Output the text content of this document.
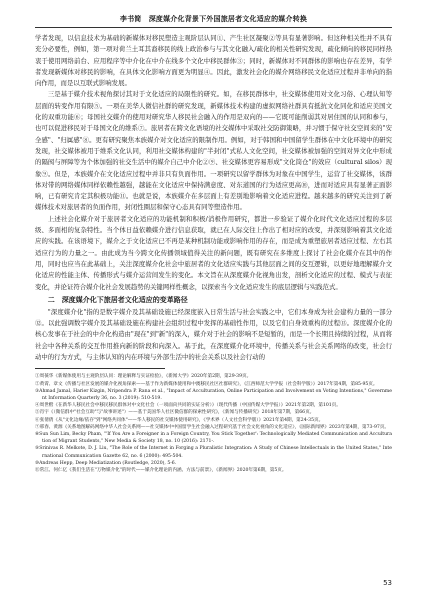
李书简　深度媒介化背景下外国旅居者文化适应的媒介转换

学者发现，以信息技术为基础的新媒体对移民塑造主观阶层认同①、产生社区凝聚②等具有显著影响。但这种相关性并不具有充分必要性，例如，第一项对荷兰土耳其裔移民的线上政治参与与其文化融入/疏化的相关性研究发现，疏化倾向的移民同样热衷于使用网络前台、应用程序等中介化在中介在线多个文化中移民群体③；同时，新媒体对不同群体的影响也存在差异，有学者发现新媒体对移民的影响，在具体文化影响方面更为明显④。因此，激发社会化的媒介网络移民文化适应过程并非单向的指向作用，而是以互联式影响发展。

三是基于媒介技术视角探讨其对于文化适应的局限性的研究。如，在移民群体中，社交媒体使用对文化习俗、心理认知等层面的转变作用有限⑤。一项在美华人微信社群的研究发现，新媒体技术构建的虚拟网络社群具有抵抗文化同化和适应美国文化的双重功能⑥；母国社交媒介的使用对研究华人移民社会融入的作用是双向的——它既可能削弱其对居住国的认同和参与，也可以促进移民对于母国文化的维系⑦。旅居者在跨文化语境的社交媒体中采取社交防御策略，并习惯于保守社交空间来的"安全感"、"归属感"⑧。更有研究聚焦本族媒介对文化适应的限制作用。例如，对于韩国和中国留学生群体在中文化环境中的研究发现，社交媒体被用于维系文化认同，利用社交媒体构建的"半封闭"式私人文化空间，社交媒体被加强的空间对异文化中形成的隔阂与屏障等为个体加强的社交生活中的媒介自己中介化②⑨、社交媒体更容易形成"文化筒仓"的效应（cultural silos）现象⑨。但是，本族媒介在文化适应过程中并非只有负面作用。一项研究以留学群体为对象在中国学生，运营了社交媒体，该群体对带的网络媒体同样依赖性越强，越能在文化适应中保持满意度、对东道国的行为适应更高⑩，进而对适应具有显著正面影响，已有研究肯定其积极功能⑪。也就是说，本族媒介在多层面上有差别地影响着文化适应进程。越来越多的研究关注到了新媒体技术对旅居者的负面作用，封闭性圈层和保守心态具有同等塑造作用。

上述社会化媒介对于旅居者文化适应的功能机制和积极/消极作用研究，都进一步验证了媒介化时代文化适应过程的多层级、多面相的复杂特性。当个体日益依赖媒介进行信息获取，就已在人际交往上作出了相对应的改变，并深刻影响着其文化适应的实践。在该语境下，媒介之于文化适应已不再是某种机制功能或影响作用的存在，而是成为重塑旅居者适应过程、左右其适应行为的力量之一。由此成为当今跨文化传播领域值得关注的新问题，既有研究在多维度上探讨了社会化媒介在其中的作用，同时也应当在此基础上，关注深度媒介化社会中旅居者的文化适应实践与其他层面之间的交互逻辑，以更好地理解媒介文化适应的性能主体、传播形式与媒介运营间发生的变化。本文旨在从深度媒介化视角出发，剖析文化适应的过程、模式与表征变化，并论证符合媒介化社会发展趋势的关键网样性概念，以探索当今文化适应发生的底层逻辑与实践范式。

二　深度媒介化下旅居者文化适应的变革路径

"深度媒介化"指的是数字媒介及其基础设施已经深度嵌入日常生活与社会实践之中，它们本身成为社会建构力量的一部分⑫。以此强调数字媒介及其基础设施在构建社会组织过程中发挥的基础性作用，以及它们自身效重构的过程⑬。深度媒介化的核心发事在于社会的中介化构造由"现在"到"新"的深入，媒介对于社会的影响不是短暂的，而是一个长期且持续的过程，从而将社会中各种关系的交互作用推向新的阶段和向深入。基于此，在深度媒介化环境中，传播关系与社会关系网络的改变，社会行动中的行为方式，与主体认知的内在环境与外部生活中的社会关系以及社会行动的

①周葆华《新媒体使用与主观阶层认同：理论解释与实证检验》，《新闻大学》2020年第2期，第29-39页。

②黄霄、章文《传播与社区发展的媒介化视角探索——基于作为新媒体使用和中澳移民社区社群研究》，《江西师范大学学报（社会科学版）》2017年第4期，第85-95页。

③Ahmad Jamal, Harier Kizgin, Nripendra P. Rana et al., "Impact of Acculturation, Online Participation and Involvement on Voting Intentions," Government Information Quarterly 36, no. 3 (2019): 510-519.

④周世楷《在新华人移民社会中移民移民群体对中文化社会（一项面向共同的实证分析）》（现代传播（中国传媒大学学报）》2021年第2期，第101页。

⑤肖宇《（微信群中"社会互助"与"故事讲述"）——基于美国华人社区微信群的探索性研究》，《新闻与传播研究》2018年第7期，第66页。

⑥张倩倩《从"文化边缘/依存"到"网络共同体"——华人移民的社交媒体使用研究》，《学术界（人文社会科学版）》2021年第4期，第24-35页。

⑦邢春、黄源《关系地图解码网络中华人社会关系网——社交媒体中中国留学生社会融入过程研究基于社会文化视角的文化适应》，《国际新闻界》2023年第4期，第73-97页。

⑧Sun Sun Lim, Becky Pham, "'If You Are a Foreigner in a Foreign Country, You Stick Together': Technologically Mediated Communication and Acculturation of Migrant Students," New Media & Society 18, no. 10 (2016): 2171-.

⑨Srinivas R. Melkote, D. J. Liu, "The Role of the Internet in Forging a Pluralistic Integration: A Study of Chinese Intellectuals in the United States," International Communication Gazette 62, no. 6 (2000): 495-504.

⑩Andreas Hepp, Deep Mediatization (Routledge, 2020), 5-6.

⑪常江、何仁亿《我们生活在"万物媒介化"的时代——媒介化理论的内涵、方法与前景》，《新闻界》2020年第6期，第5页。

53
